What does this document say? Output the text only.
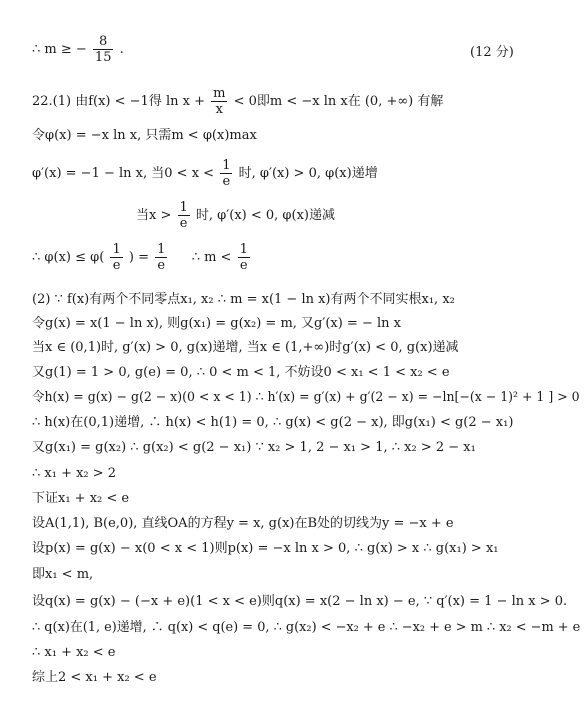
∴ m ≥ − $\frac{8}{15}$ .	(12 分)
22.(1) 由f(x) < −1得 $\ln x + \frac{m}{x} < 0$即m < −x ln x在 (0, +∞) 有解
令φ(x) = −x ln x, 只需m < φ(x)max
φ′(x) = −1 − ln x, 当$0 < x < \frac{1}{e}$ 时, φ′(x) > 0, φ(x)递增
当$x > \frac{1}{e}$ 时, φ′(x) < 0, φ(x)递减
∴ $\varphi(x) \le \varphi( \frac{1}{e}$ ) = $\frac{1}{e}$ ∴ $m < \frac{1}{e}$
(2) ∵ f(x)有两个不同零点x₁, x₂ ∴ m = x(1 − ln x)有两个不同实根x₁, x₂
令g(x) = x(1 − ln x), 则g(x₁) = g(x₂) = m, 又g′(x) = − ln x
当x ∈ (0,1)时, g′(x) > 0, g(x)递增, 当x ∈ (1,+∞)时g′(x) < 0, g(x)递减
又g(1) = 1 > 0, g(e) = 0, ∴ 0 < m < 1, 不妨设0 < x₁ < 1 < x₂ < e
令h(x) = g(x) − g(2 − x)(0 < x < 1) ∴ h′(x) = g′(x) + g′(2 − x) = −ln[−(x − 1)² + 1 ] > 0
∴ h(x)在(0,1)递增, ∴ h(x) < h(1) = 0, ∴ g(x) < g(2 − x), 即g(x₁) < g(2 − x₁)
又g(x₁) = g(x₂) ∴ g(x₂) < g(2 − x₁) ∵ x₂ > 1, 2 − x₁ > 1, ∴ x₂ > 2 − x₁
∴ x₁ + x₂ > 2
下证x₁ + x₂ < e
设A(1,1), B(e,0), 直线OA的方程y = x, g(x)在B处的切线为y = −x + e
设p(x) = g(x) − x(0 < x < 1)则p(x) = −x ln x > 0, ∴ g(x) > x ∴ g(x₁) > x₁
即x₁ < m,
设q(x) = g(x) − (−x + e)(1 < x < e)则q(x) = x(2 − ln x) − e, ∵ q′(x) = 1 − ln x > 0.
∴ q(x)在(1, e)递增, ∴ q(x) < q(e) = 0, ∴ g(x₂) < −x₂ + e ∴ −x₂ + e > m ∴ x₂ < −m + e
∴ x₁ + x₂ < e
综上2 < x₁ + x₂ < e
